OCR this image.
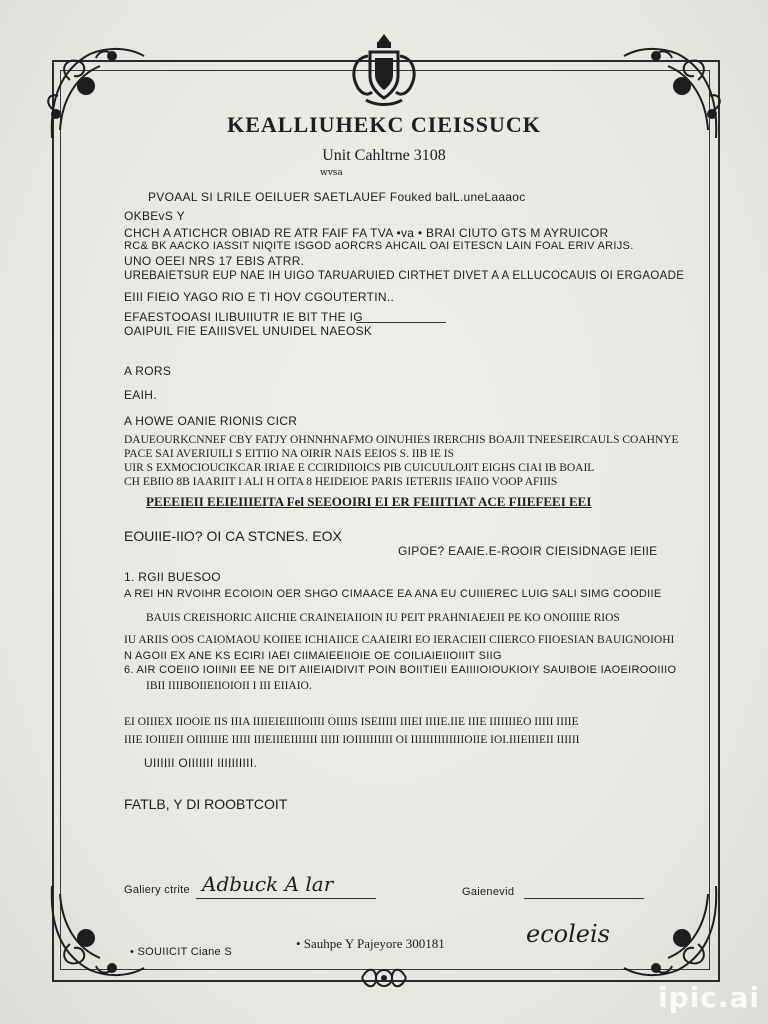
KEALLIUHEKC CIEISSUCK
Unit Cahltrne 3108
wvsa
PVOAAL SI LRILE OEILUER SAETLAUEF Fouked baIL.uneLaaaoc
OKBEvS Y
CHCH A ATICHCR OBIAD RE ATR FAIF FA TVA •va • BRAI CIUTO GTS M AYRUICOR
RC& BK AACKO IASSIT NIQITE ISGOD aORCRS AHCAIL OAI EITESCN LAIN FOAL ERIV ARIJS.
UNO OEEI NRS 17 EBIS ATRR.
UREBAIETSUR EUP NAE IH UIGO TARUARUIED CIRTHET DIVET A A ELLUCOCAUIS OI ERGAOADE
EIII FIEIO YAGO RIO E TI HOV CGOUTERTIN..
EFAESTOOASI ILIBUIIUTR IE BIT THE IG
OAIPUIL FIE EAIIISVEL UNUIDEL NAEOSK
A RORS
EAIH.
A HOWE OANIE RIONIS CICR
DAUEOURKCNNEF CBY FATJY OHNNHNAFMO OINUHIES IRERCHIS BOAJII TNEESEIRCAULS COAHNYE
PACE SAI AVERIUILI S EITIIO NA OIRIR NAIS EEIOS S. IIB IE IS
UIR S EXMOCIOUCIKCAR IRIAE E CCIRIDIIOICS PIB CUICUULOJIT EIGHS CIAI IB BOAIL
CH EBIIO 8B IAARIIT I ALI H OITA 8 HEIDEIOE PARIS IETERIIS IFAIIO VOOP AFIIIS
PEEEIEII EEIEIIIEITA Fel SEEOOIRI EI ER FEIIITIAT ACE FIIEFEEI EEI
EOUIIE-IIO? OI CA STCNES. EOX
GIPOE? EAAIE.E-ROOIR CIEISIDNAGE IEIIE
1. RGII BUESOO
A REI HN RVOIHR ECOIOIN OER SHGO CIMAACE EA ANA EU CUIIIEREC LUIG SALI SIMG COODIIE
BAUIS CREISHORIC AIICHIE CRAINEIAIIOIN IU PEIT PRAHNIAEJEII PE KO ONOIIIIE RIOS
IU ARIIS OOS CAIOMAOU KOIIEE ICHIAIICE CAAIEIRI EO IERACIEII CIIERCO FIIOESIAN BAUIGNOIOHI
N AGOII EX ANE KS ECIRI IAEI CIIMAIEEIIOIE OE COILIAIEIIOIIIT SIIG
6. AIR COEIIO IOIINII EE NE DIT AIIEIAIDIVIT POIN BOIITIEII EAIIIIOIOUKIOIY SAUIBOIE IAOEIROOIIIO
IBII IIIIBOIIEIIOIOII I III EIIAIO.
EI OIIIEX IIOOIE IIS IIIA IIIIEIEIIIIOIIII OIIIIS ISEIIIII IIIEI IIIIE.IIE IIIE IIIIIIIEO IIIII IIIIE
IIIE IOIIIEII OIIIIIIIE IIIII IIIEIIIEIIIIIII IIIII IOIIIIIIIIII OI IIIIIIIIIIIIIIOIIE IOI.IIIEIIIEII IIIIII
UIIIIII OIIIIIII IIIIIIIIII.
FATLB, Y DI ROOBTCOIT
Galiery ctrite Adbuck A lar	Gaienevid
• SOUIICIT Ciane S
• Sauhpe Y Pajeyore 300181	ecoleis
ipic.ai
